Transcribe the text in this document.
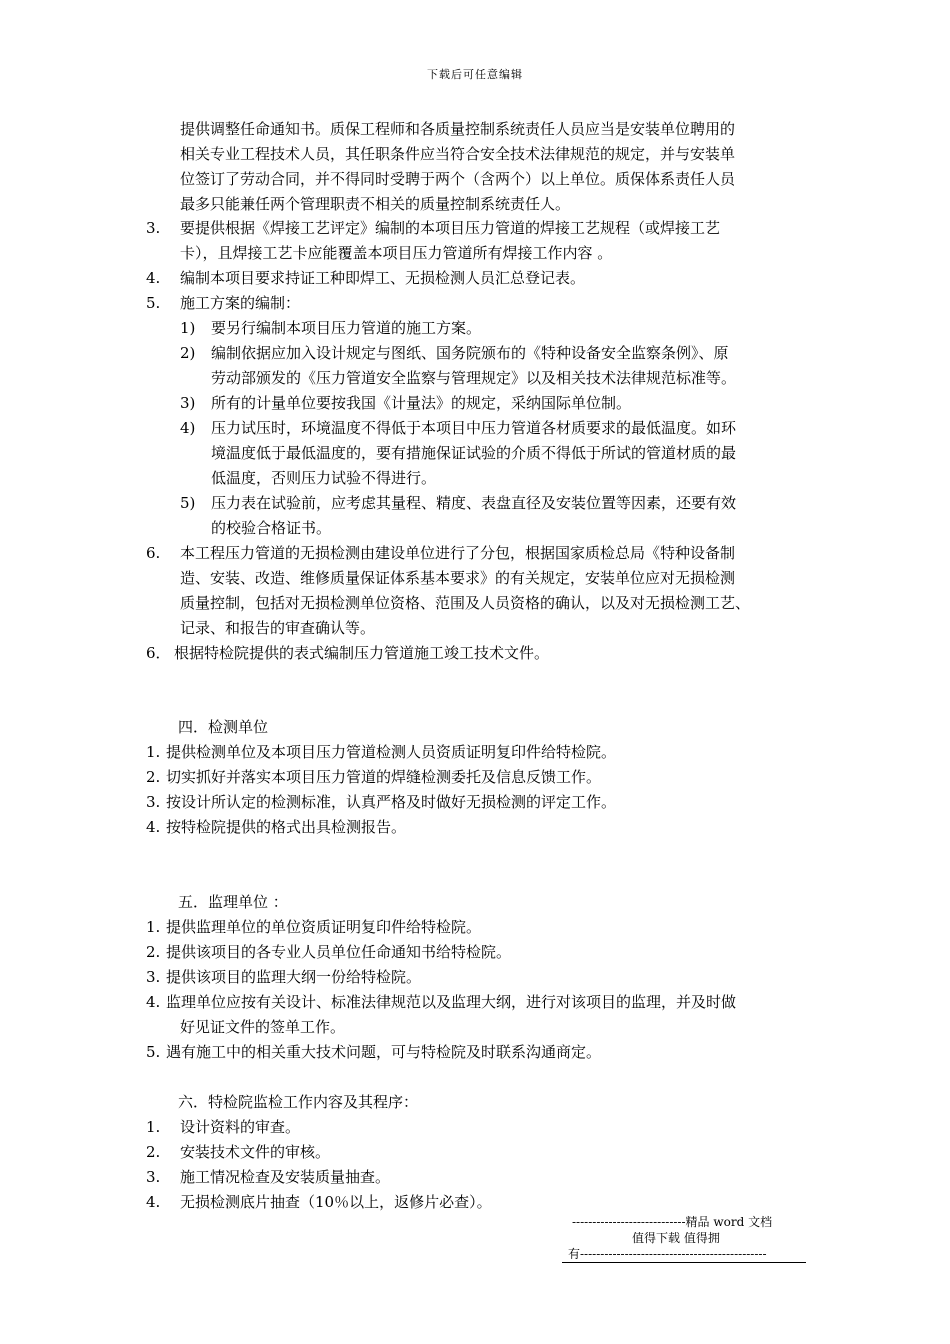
下载后可任意编辑
提供调整任命通知书。质保工程师和各质量控制系统责任人员应当是安装单位聘用的
相关专业工程技术人员，其任职条件应当符合安全技术法律规范的规定，并与安装单
位签订了劳动合同，并不得同时受聘于两个（含两个）以上单位。质保体系责任人员
最多只能兼任两个管理职责不相关的质量控制系统责任人。
3. 要提供根据《焊接工艺评定》编制的本项目压力管道的焊接工艺规程（或焊接工艺
卡），且焊接工艺卡应能覆盖本项目压力管道所有焊接工作内容 。
4. 编制本项目要求持证工种即焊工、无损检测人员汇总登记表。
5. 施工方案的编制：
1) 要另行编制本项目压力管道的施工方案。
2) 编制依据应加入设计规定与图纸、国务院颁布的《特种设备安全监察条例》、原
劳动部颁发的《压力管道安全监察与管理规定》以及相关技术法律规范标准等。
3) 所有的计量单位要按我国《计量法》的规定，采纳国际单位制。
4) 压力试压时，环境温度不得低于本项目中压力管道各材质要求的最低温度。如环
境温度低于最低温度的，要有措施保证试验的介质不得低于所试的管道材质的最
低温度，否则压力试验不得进行。
5) 压力表在试验前，应考虑其量程、精度、表盘直径及安装位置等因素，还要有效
的校验合格证书。
6. 本工程压力管道的无损检测由建设单位进行了分包，根据国家质检总局《特种设备制
造、安装、改造、维修质量保证体系基本要求》的有关规定，安装单位应对无损检测
质量控制，包括对无损检测单位资格、范围及人员资格的确认，以及对无损检测工艺、
记录、和报告的审查确认等。
6． 根据特检院提供的表式编制压力管道施工竣工技术文件。
四．检测单位
1. 提供检测单位及本项目压力管道检测人员资质证明复印件给特检院。
2. 切实抓好并落实本项目压力管道的焊缝检测委托及信息反馈工作。
3. 按设计所认定的检测标准，认真严格及时做好无损检测的评定工作。
4. 按特检院提供的格式出具检测报告。
五．监理单位 ：
1. 提供监理单位的单位资质证明复印件给特检院。
2. 提供该项目的各专业人员单位任命通知书给特检院。
3. 提供该项目的监理大纲一份给特检院。
4. 监理单位应按有关设计、标准法律规范以及监理大纲，进行对该项目的监理，并及时做
好见证文件的签单工作。
5. 遇有施工中的相关重大技术问题，可与特检院及时联系沟通商定。
六．特检院监检工作内容及其程序：
1. 设计资料的审查。
2. 安装技术文件的审核。
3. 施工情况检查及安装质量抽查。
4. 无损检测底片抽查（10％以上，返修片必查）。
----------------------------精品 word 文档
值得下载 值得拥
有----------------------------------------------
